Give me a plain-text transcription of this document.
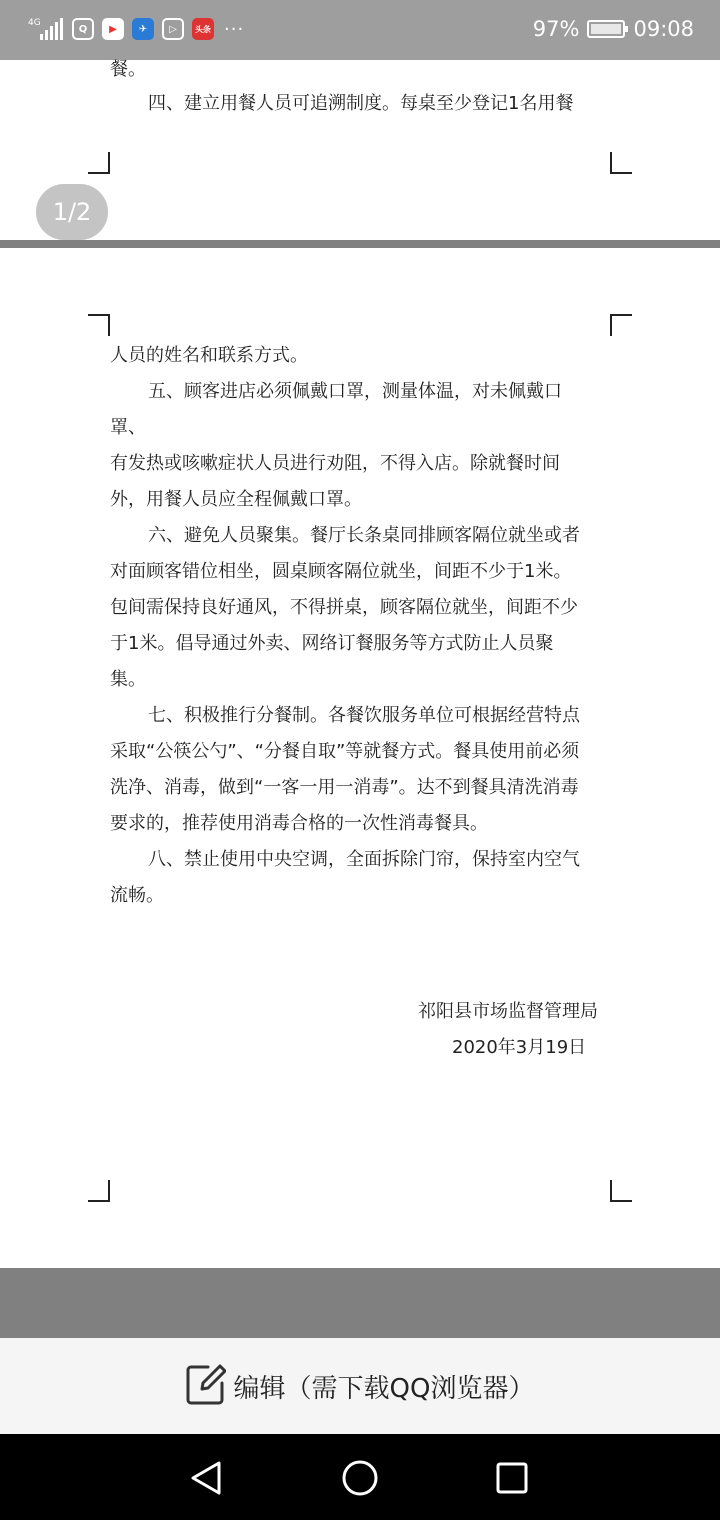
4G
Q	▶	✈	▷	头条 ···	97%	09:08
餐。
四、建立用餐人员可追溯制度。每桌至少登记1名用餐
1/2
人员的姓名和联系方式。
五、顾客进店必须佩戴口罩，测量体温，对未佩戴口
罩、
有发热或咳嗽症状人员进行劝阻，不得入店。除就餐时间
外，用餐人员应全程佩戴口罩。
六、避免人员聚集。餐厅长条桌同排顾客隔位就坐或者
对面顾客错位相坐，圆桌顾客隔位就坐，间距不少于1米。
包间需保持良好通风，不得拼桌，顾客隔位就坐，间距不少
于1米。倡导通过外卖、网络订餐服务等方式防止人员聚
集。
七、积极推行分餐制。各餐饮服务单位可根据经营特点
采取“公筷公勺”、“分餐自取”等就餐方式。餐具使用前必须
洗净、消毒，做到“一客一用一消毒”。达不到餐具清洗消毒
要求的，推荐使用消毒合格的一次性消毒餐具。
八、禁止使用中央空调，全面拆除门帘，保持室内空气
流畅。
祁阳县市场监督管理局
2020年3月19日
编辑（需下载QQ浏览器）
